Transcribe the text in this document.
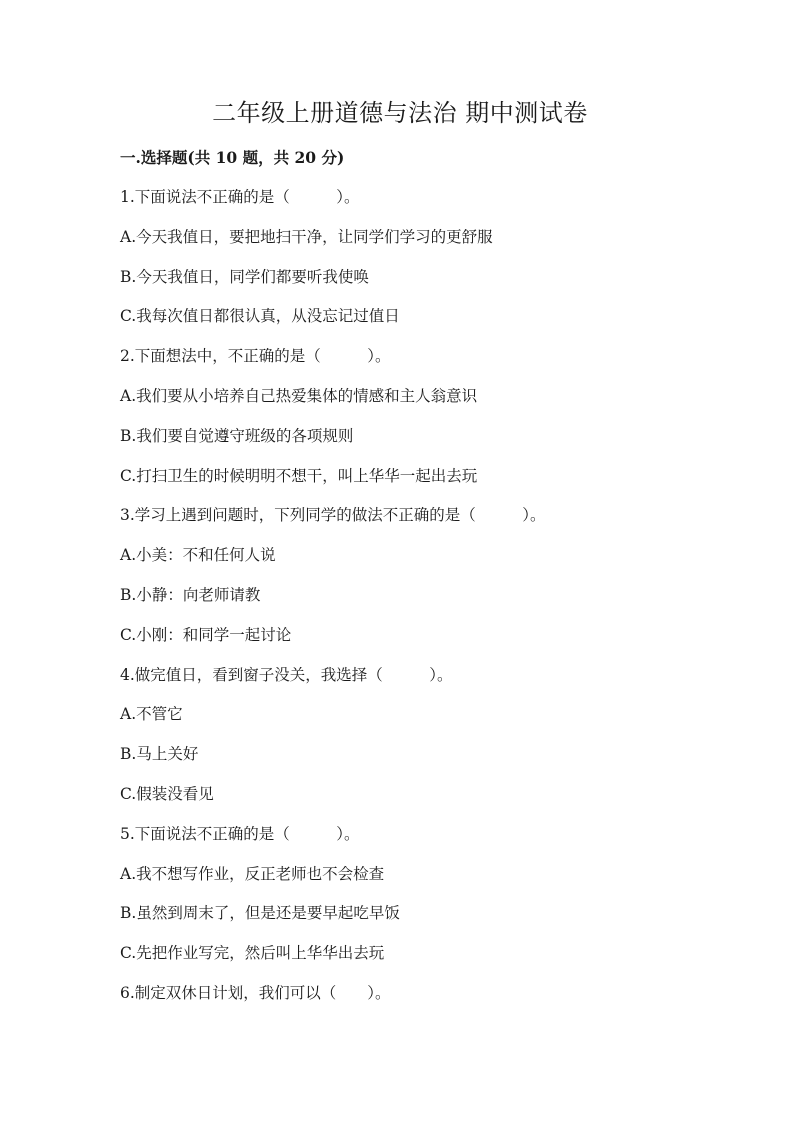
二年级上册道德与法治 期中测试卷
一.选择题(共 10 题，共 20 分)
1.下面说法不正确的是（　　　）。
A.今天我值日，要把地扫干净，让同学们学习的更舒服
B.今天我值日，同学们都要听我使唤
C.我每次值日都很认真，从没忘记过值日
2.下面想法中，不正确的是（　　　）。
A.我们要从小培养自己热爱集体的情感和主人翁意识
B.我们要自觉遵守班级的各项规则
C.打扫卫生的时候明明不想干，叫上华华一起出去玩
3.学习上遇到问题时，下列同学的做法不正确的是（　　　）。
A.小美：不和任何人说
B.小静：向老师请教
C.小刚：和同学一起讨论
4.做完值日，看到窗子没关，我选择（　　　）。
A.不管它
B.马上关好
C.假装没看见
5.下面说法不正确的是（　　　）。
A.我不想写作业，反正老师也不会检查
B.虽然到周末了，但是还是要早起吃早饭
C.先把作业写完，然后叫上华华出去玩
6.制定双休日计划，我们可以（　　）。
